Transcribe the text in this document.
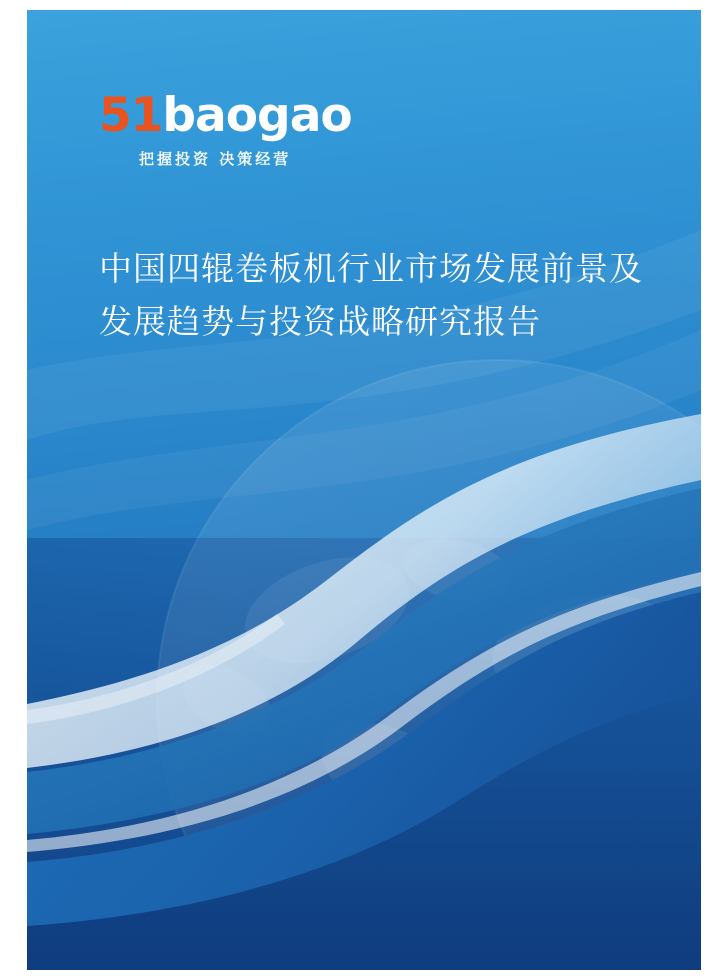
51baogao
把握投资 决策经营
中国四辊卷板机行业市场发展前景及发展趋势与投资战略研究报告
